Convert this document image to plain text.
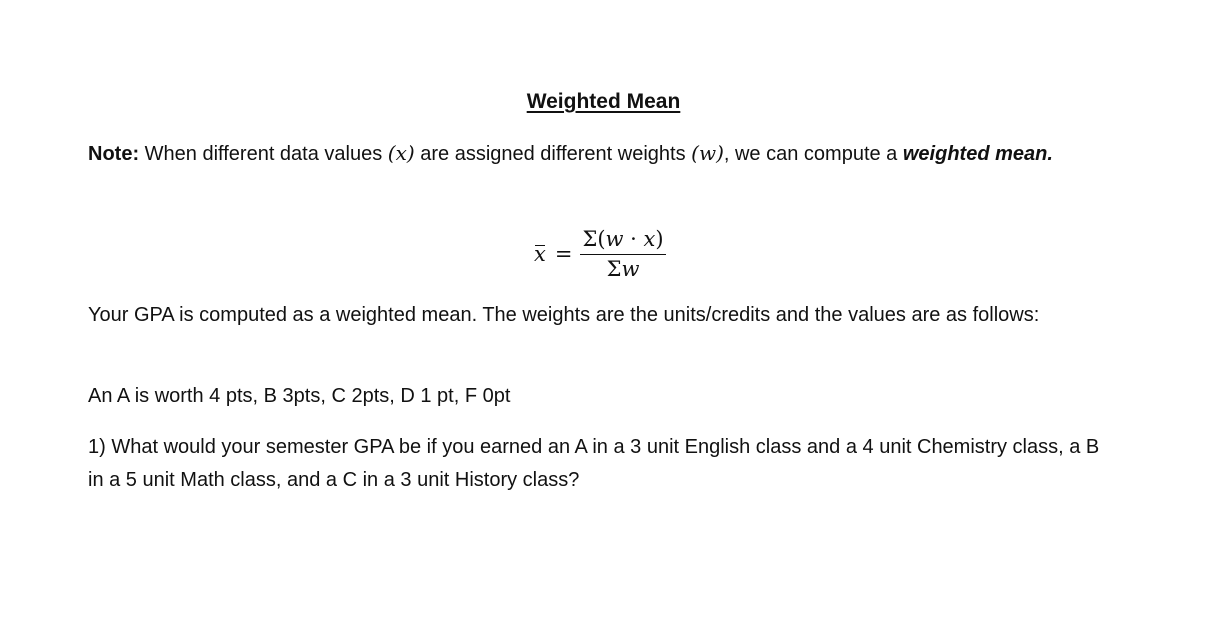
Weighted Mean
Note: When different data values (x) are assigned different weights (w), we can compute a weighted mean.
$x = \frac{\Sigma(w \cdot x)}{\Sigma w}$
Your GPA is computed as a weighted mean. The weights are the units/credits and the values are as follows:
An A is worth 4 pts, B 3pts, C 2pts, D 1 pt, F 0pt
1) What would your semester GPA be if you earned an A in a 3 unit English class and a 4 unit Chemistry class, a B in a 5 unit Math class, and a C in a 3 unit History class?
